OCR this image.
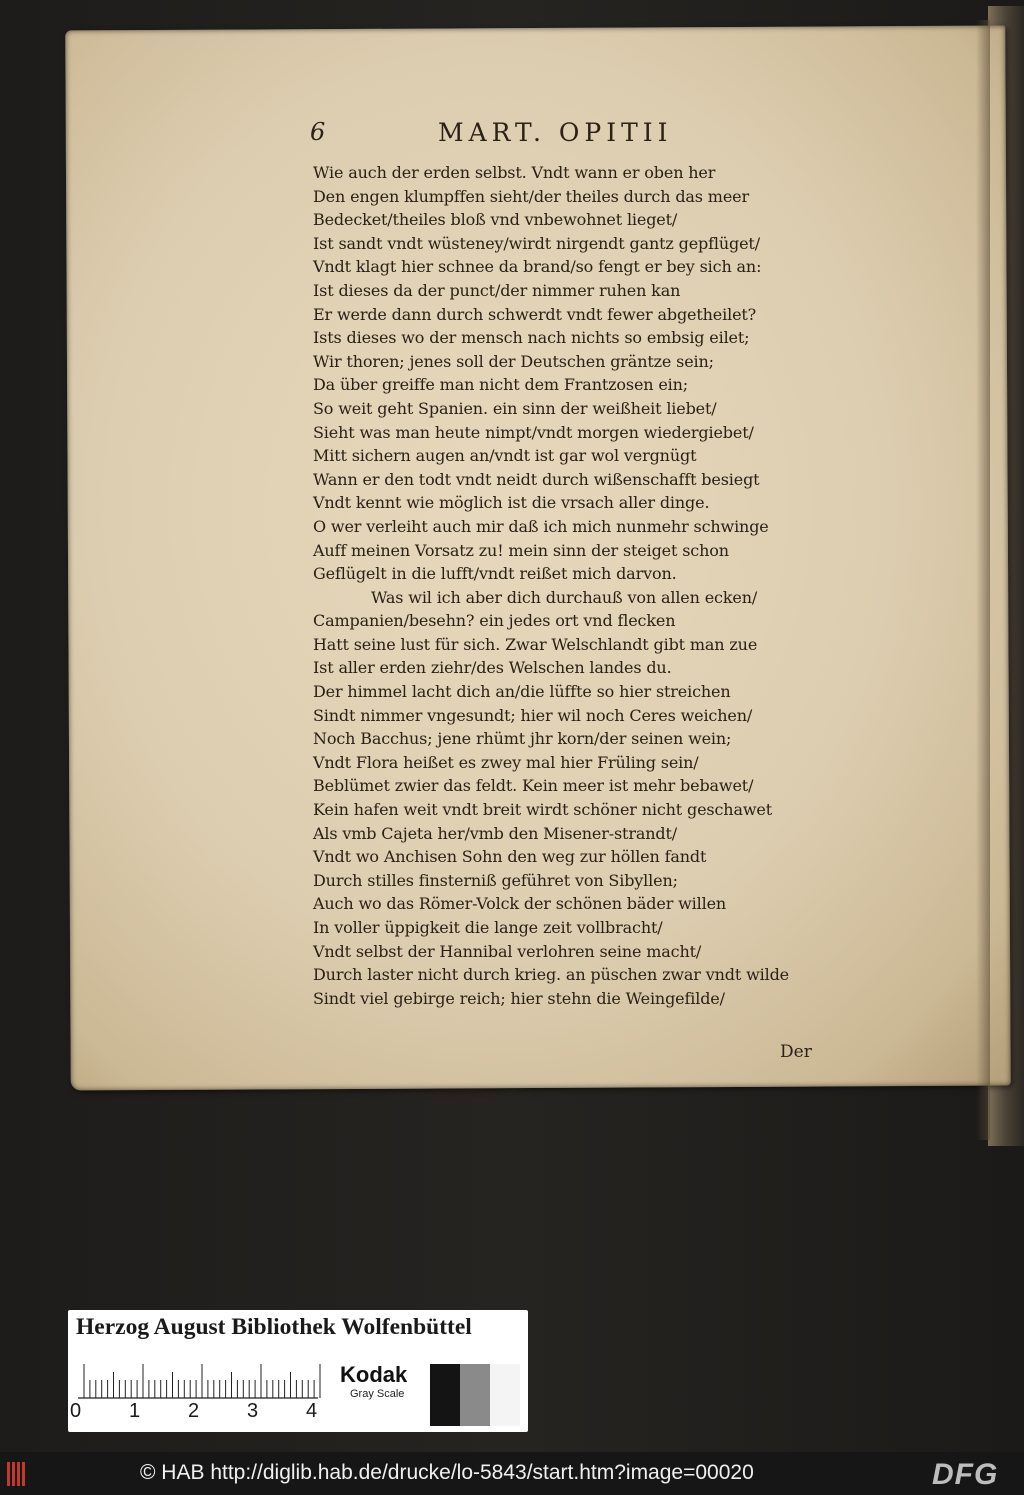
6	MART. OPITII
Wie auch der erden selbst. Vndt wann er oben her
Den engen klumpffen sieht/der theiles durch das meer
Bedecket/theiles bloß vnd vnbewohnet lieget/
Ist sandt vndt wüsteney/wirdt nirgendt gantz gepflüget/
Vndt klagt hier schnee da brand/so fengt er bey sich an:
Ist dieses da der punct/der nimmer ruhen kan
Er werde dann durch schwerdt vndt fewer abgetheilet?
Ists dieses wo der mensch nach nichts so embsig eilet;
Wir thoren; jenes soll der Deutschen gräntze sein;
Da über greiffe man nicht dem Frantzosen ein;
So weit geht Spanien. ein sinn der weißheit liebet/
Sieht was man heute nimpt/vndt morgen wiedergiebet/
Mitt sichern augen an/vndt ist gar wol vergnügt
Wann er den todt vndt neidt durch wißenschafft besiegt
Vndt kennt wie möglich ist die vrsach aller dinge.
O wer verleiht auch mir daß ich mich nunmehr schwinge
Auff meinen Vorsatz zu! mein sinn der steiget schon
Geflügelt in die lufft/vndt reißet mich darvon.
Was wil ich aber dich durchauß von allen ecken/
Campanien/besehn? ein jedes ort vnd flecken
Hatt seine lust für sich. Zwar Welschlandt gibt man zue
Ist aller erden ziehr/des Welschen landes du.
Der himmel lacht dich an/die lüffte so hier streichen
Sindt nimmer vngesundt; hier wil noch Ceres weichen/
Noch Bacchus; jene rhümt jhr korn/der seinen wein;
Vndt Flora heißet es zwey mal hier Früling sein/
Beblümet zwier das feldt. Kein meer ist mehr bebawet/
Kein hafen weit vndt breit wirdt schöner nicht geschawet
Als vmb Cajeta her/vmb den Misener-strandt/
Vndt wo Anchisen Sohn den weg zur höllen fandt
Durch stilles finsterniß geführet von Sibyllen;
Auch wo das Römer-Volck der schönen bäder willen
In voller üppigkeit die lange zeit vollbracht/
Vndt selbst der Hannibal verlohren seine macht/
Durch laster nicht durch krieg. an püschen zwar vndt wilde
Sindt viel gebirge reich; hier stehn die Weingefilde/
Der
Herzog August Bibliothek Wolfenbüttel
0 1 2 3 4
Kodak
Gray Scale
© HAB http://diglib.hab.de/drucke/lo-5843/start.htm?image=00020	DFG
